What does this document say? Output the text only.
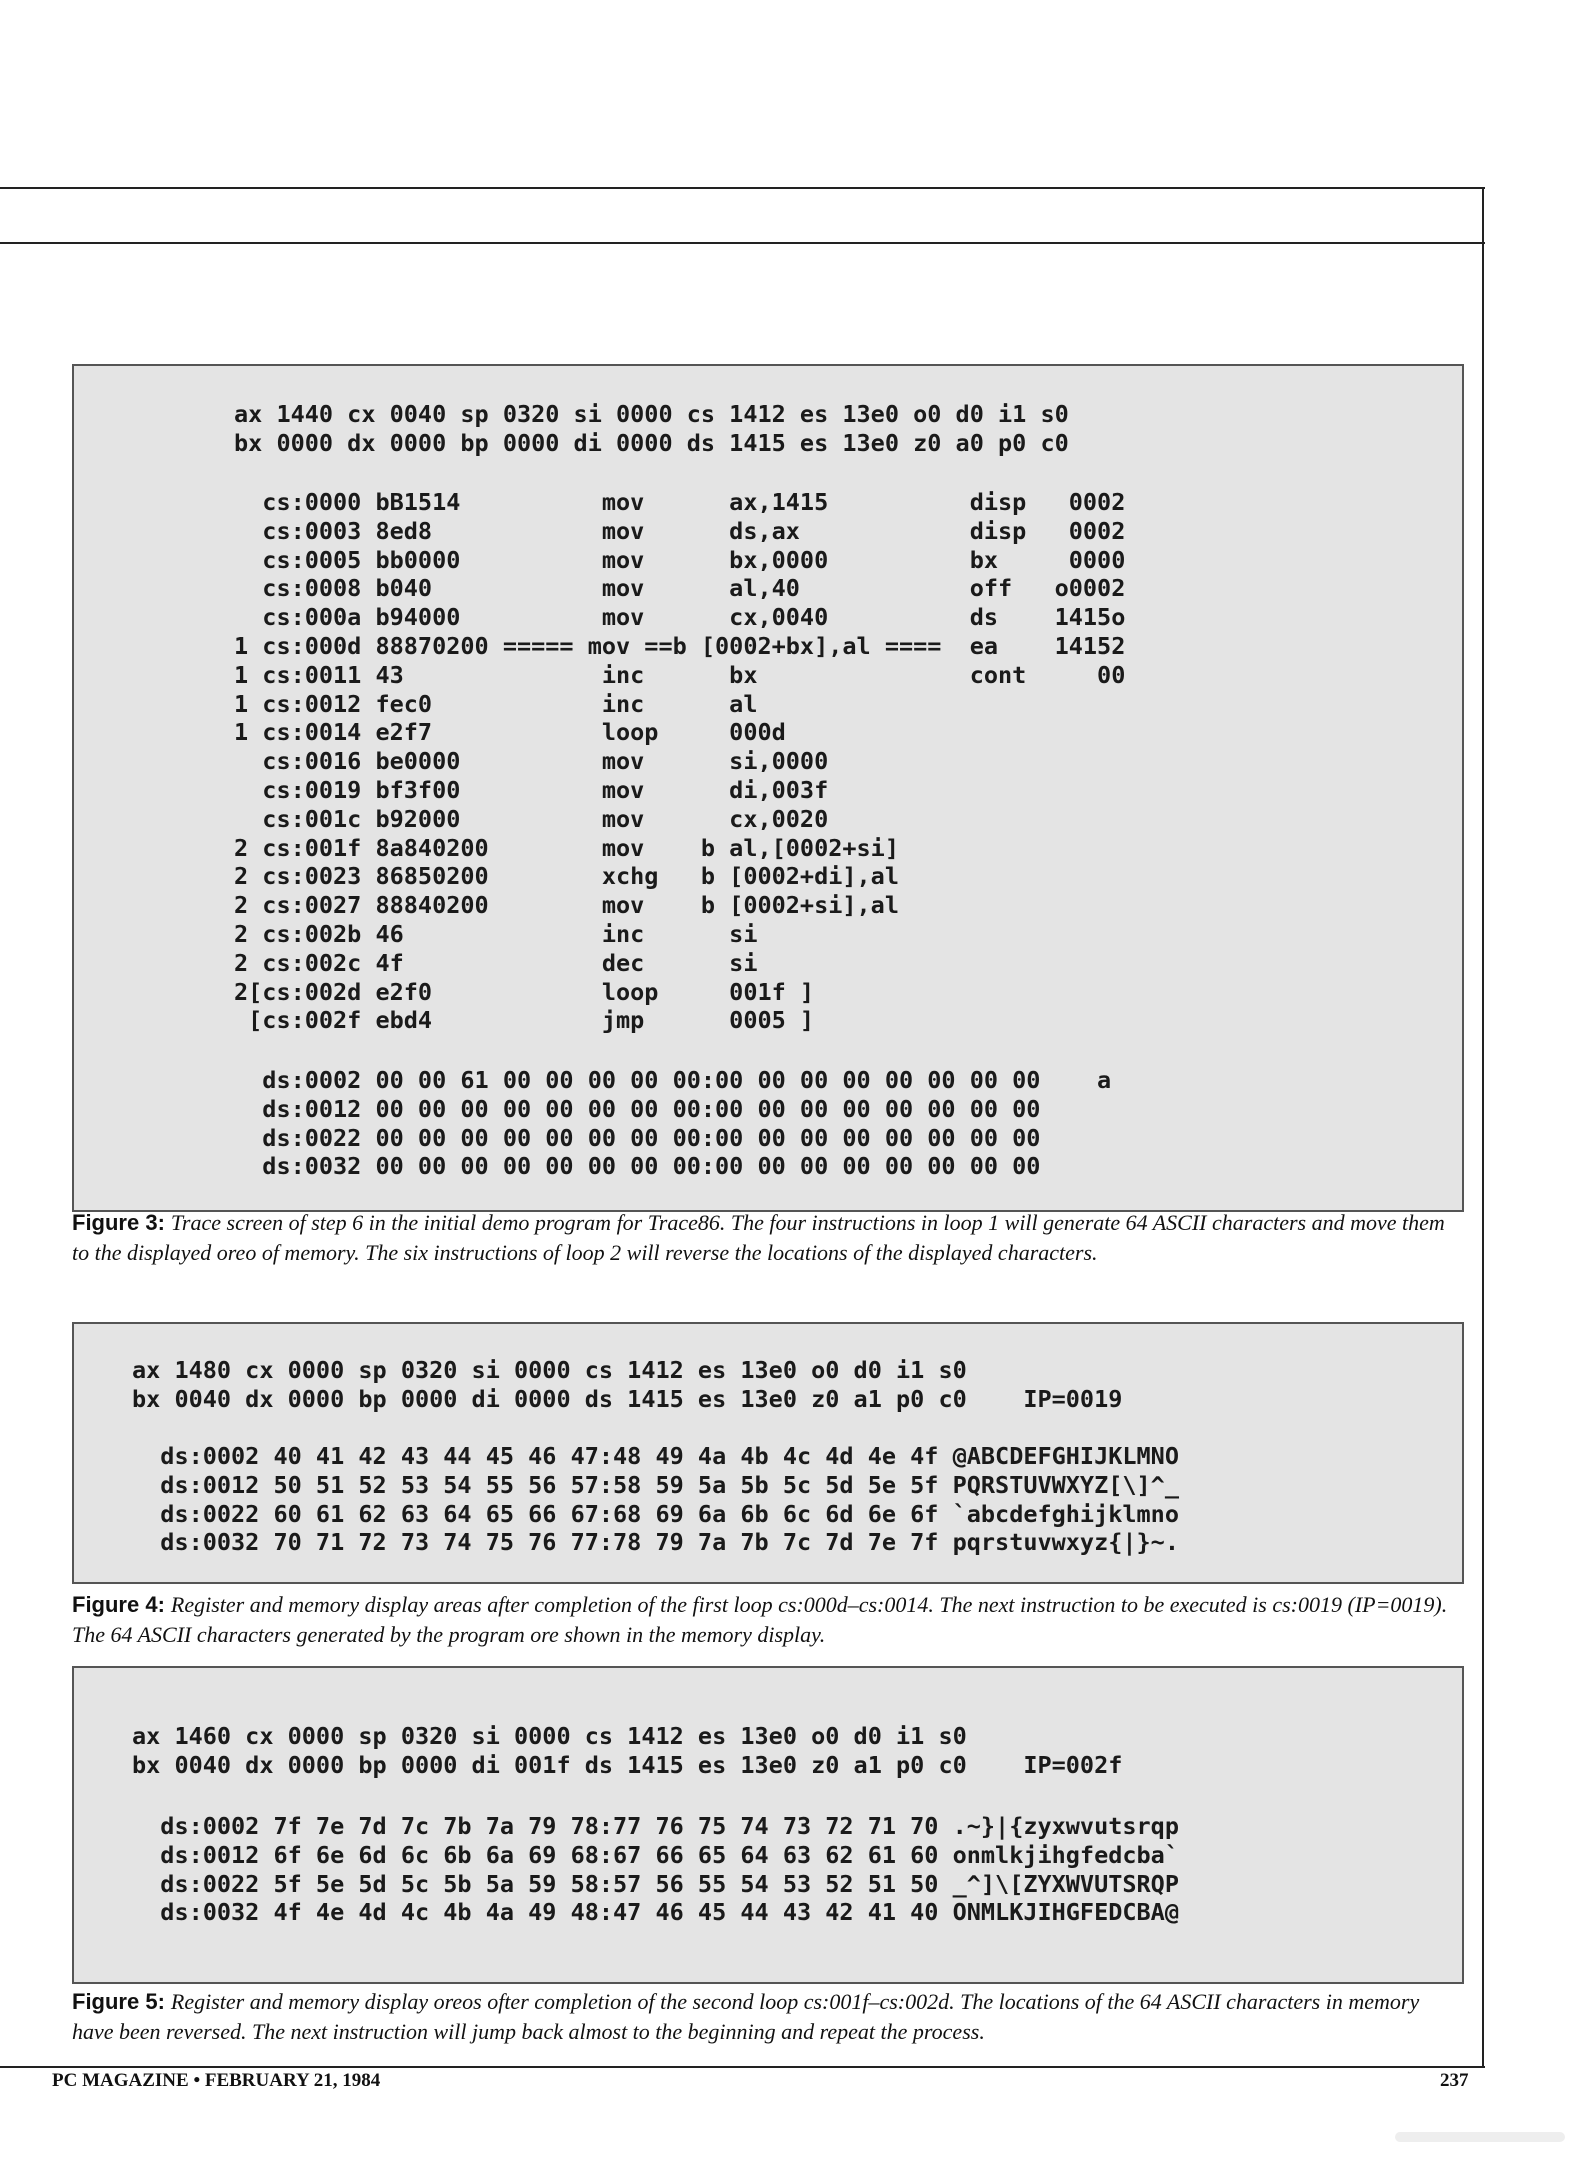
ax 1440 cx 0040 sp 0320 si 0000 cs 1412 es 13e0 o0 d0 i1 s0
bx 0000 dx 0000 bp 0000 di 0000 ds 1415 es 13e0 z0 a0 p0 c0
cs:0000 bB1514          mov      ax,1415          disp   0002
cs:0003 8ed8            mov      ds,ax            disp   0002
cs:0005 bb0000          mov      bx,0000          bx     0000
cs:0008 b040            mov      al,40            off   o0002
cs:000a b94000          mov      cx,0040          ds    1415o
1 cs:000d 88870200 ===== mov ==b [0002+bx],al ====  ea    14152
1 cs:0011 43              inc      bx               cont     00
1 cs:0012 fec0            inc      al
1 cs:0014 e2f7            loop     000d
cs:0016 be0000          mov      si,0000
cs:0019 bf3f00          mov      di,003f
cs:001c b92000          mov      cx,0020
2 cs:001f 8a840200        mov    b al,[0002+si]
2 cs:0023 86850200        xchg   b [0002+di],al
2 cs:0027 88840200        mov    b [0002+si],al
2 cs:002b 46              inc      si
2 cs:002c 4f              dec      si
2[cs:002d e2f0            loop     001f ]
[cs:002f ebd4            jmp      0005 ]
ds:0002 00 00 61 00 00 00 00 00:00 00 00 00 00 00 00 00    a
ds:0012 00 00 00 00 00 00 00 00:00 00 00 00 00 00 00 00
ds:0022 00 00 00 00 00 00 00 00:00 00 00 00 00 00 00 00
ds:0032 00 00 00 00 00 00 00 00:00 00 00 00 00 00 00 00
Figure 3: Trace screen of step 6 in the initial demo program for Trace86. The four instructions in loop 1 will generate 64 ASCII characters and move them to the displayed oreo of memory. The six instructions of loop 2 will reverse the locations of the displayed characters.
ax 1480 cx 0000 sp 0320 si 0000 cs 1412 es 13e0 o0 d0 i1 s0
bx 0040 dx 0000 bp 0000 di 0000 ds 1415 es 13e0 z0 a1 p0 c0    IP=0019
ds:0002 40 41 42 43 44 45 46 47:48 49 4a 4b 4c 4d 4e 4f @ABCDEFGHIJKLMNO
ds:0012 50 51 52 53 54 55 56 57:58 59 5a 5b 5c 5d 5e 5f PQRSTUVWXYZ[\]^_
ds:0022 60 61 62 63 64 65 66 67:68 69 6a 6b 6c 6d 6e 6f `abcdefghijklmno
ds:0032 70 71 72 73 74 75 76 77:78 79 7a 7b 7c 7d 7e 7f pqrstuvwxyz{|}~.
Figure 4: Register and memory display areas after completion of the first loop cs:000d–cs:0014. The next instruction to be executed is cs:0019 (IP=0019). The 64 ASCII characters generated by the program ore shown in the memory display.
ax 1460 cx 0000 sp 0320 si 0000 cs 1412 es 13e0 o0 d0 i1 s0
bx 0040 dx 0000 bp 0000 di 001f ds 1415 es 13e0 z0 a1 p0 c0    IP=002f
ds:0002 7f 7e 7d 7c 7b 7a 79 78:77 76 75 74 73 72 71 70 .~}|{zyxwvutsrqp
ds:0012 6f 6e 6d 6c 6b 6a 69 68:67 66 65 64 63 62 61 60 onmlkjihgfedcba`
ds:0022 5f 5e 5d 5c 5b 5a 59 58:57 56 55 54 53 52 51 50 _^]\[ZYXWVUTSRQP
ds:0032 4f 4e 4d 4c 4b 4a 49 48:47 46 45 44 43 42 41 40 ONMLKJIHGFEDCBA@
Figure 5: Register and memory display oreos ofter completion of the second loop cs:001f–cs:002d. The locations of the 64 ASCII characters in memory have been reversed. The next instruction will jump back almost to the beginning and repeat the process.
PC MAGAZINE • FEBRUARY 21, 1984	237
